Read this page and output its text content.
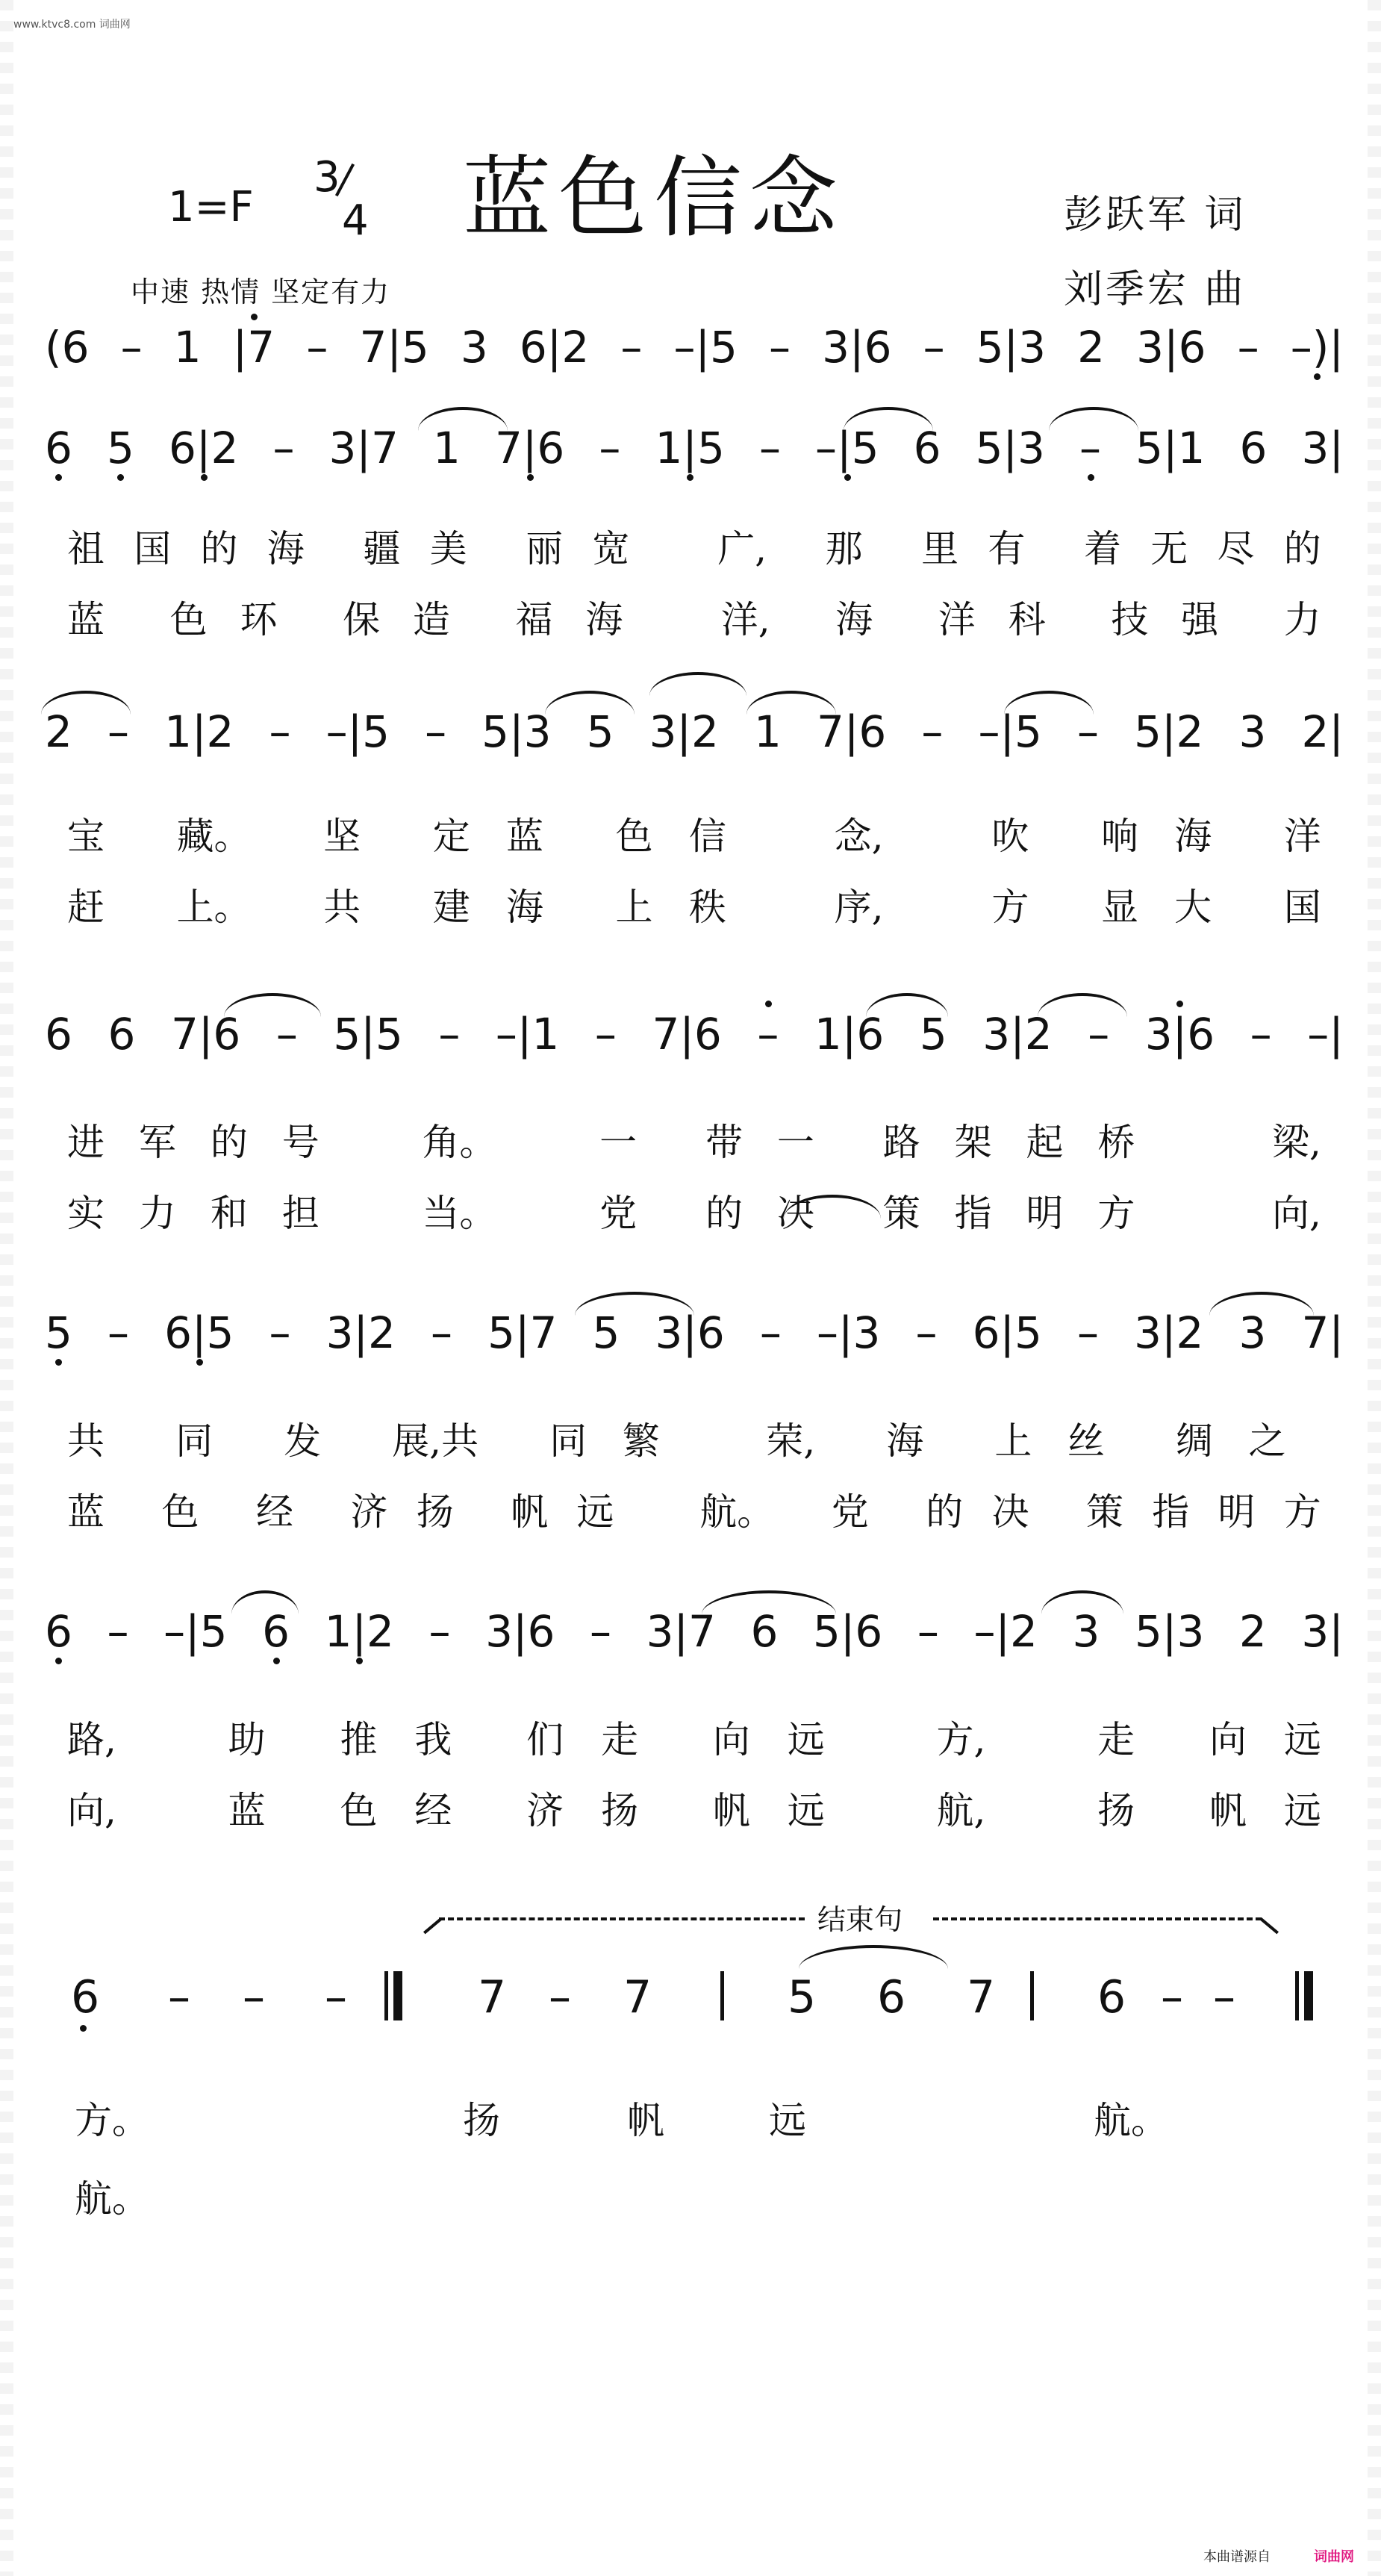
www.ktvc8.com 词曲网
蓝色信念
1=F
3
4
中速 热情 坚定有力
彭跃军 词
刘季宏 曲
(6 – 1 |7 – 7|5 3 6|2 – –|5 – 3|6 – 5|3 2 3|6 – –)|
6 5 6|2 – 3|7 1 7|6 – 1|5 – –|5 6 5|3 – 5|1 6 3|
祖 国 的 海 疆 美 丽 宽 广, 那 里 有 着 无 尽 的
蓝 色 环 保 造 福 海	洋, 海 洋 科 技 强 力
2 – 1|2 – –|5 – 5|3 5 3|2 1 7|6 – –|5 – 5|2 3 2|
宝 藏。 坚 定 蓝 色 信	念,	吹 响 海 洋
赶 上。 共 建 海 上 秩	序,	方 显 大 国
6 6 7|6 – 5|5 – –|1 – 7|6 – 1|6 5 3|2 – 3|6 – –|
进 军 的 号	角。	一 带 一 路 架 起 桥	梁,
实 力 和 担	当。	党 的 决 策 指 明 方	向,
5 – 6|5 – 3|2 – 5|7 5 3|6 – –|3 – 6|5 – 3|2 3 7|
共 同 发 展,共 同 繁	荣, 海 上 丝 绸 之
蓝 色 经 济 扬 帆 远 航。 党 的 决 策 指 明 方
6 – –|5 6 1|2 – 3|6 – 3|7 6 5|6 – –|2 3 5|3 2 3|
路,	助 推 我 们 走 向 远	方,	走 向 远
向,	蓝 色 经 济 扬 帆 远	航,	扬 帆 远
结束句
6 – – –	7 – 7	5 6 7 6 – –
本曲谱源自	词曲网
方。	扬	帆	远	航。
航。
